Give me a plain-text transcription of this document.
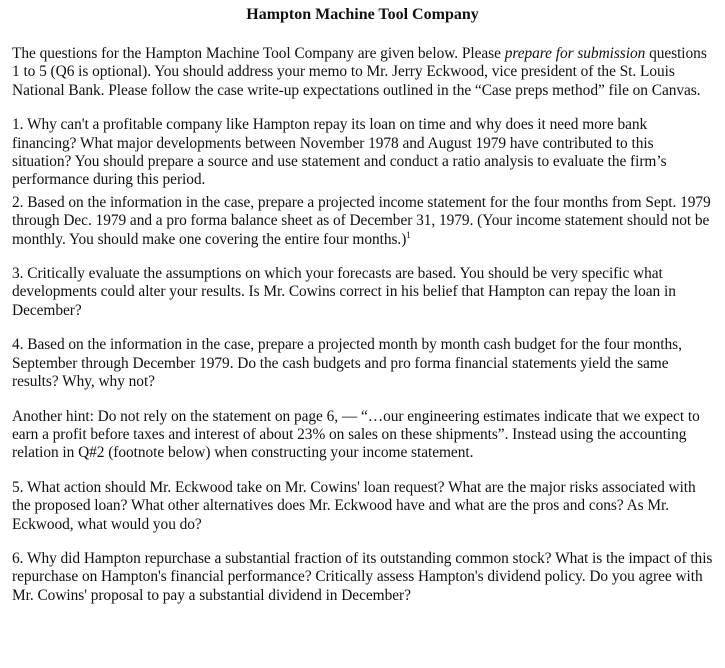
Hampton Machine Tool Company

The questions for the Hampton Machine Tool Company are given below. Please prepare for submission questions 1 to 5 (Q6 is optional). You should address your memo to Mr. Jerry Eckwood, vice president of the St. Louis National Bank. Please follow the case write-up expectations outlined in the “Case preps method” file on Canvas.

1. Why can't a profitable company like Hampton repay its loan on time and why does it need more bank financing? What major developments between November 1978 and August 1979 have contributed to this situation? You should prepare a source and use statement and conduct a ratio analysis to evaluate the firm’s performance during this period.

2. Based on the information in the case, prepare a projected income statement for the four months from Sept. 1979 through Dec. 1979 and a pro forma balance sheet as of December 31, 1979. (Your income statement should not be monthly. You should make one covering the entire four months.)$^1$

3. Critically evaluate the assumptions on which your forecasts are based. You should be very specific what developments could alter your results. Is Mr. Cowins correct in his belief that Hampton can repay the loan in December?

4. Based on the information in the case, prepare a projected month by month cash budget for the four months, September through December 1979. Do the cash budgets and pro forma financial statements yield the same results? Why, why not?

Another hint: Do not rely on the statement on page 6, — “…our engineering estimates indicate that we expect to earn a profit before taxes and interest of about 23% on sales on these shipments”. Instead using the accounting relation in Q#2 (footnote below) when constructing your income statement.

5. What action should Mr. Eckwood take on Mr. Cowins' loan request? What are the major risks associated with the proposed loan? What other alternatives does Mr. Eckwood have and what are the pros and cons? As Mr. Eckwood, what would you do?

6. Why did Hampton repurchase a substantial fraction of its outstanding common stock? What is the impact of this repurchase on Hampton's financial performance? Critically assess Hampton's dividend policy. Do you agree with Mr. Cowins' proposal to pay a substantial dividend in December?
